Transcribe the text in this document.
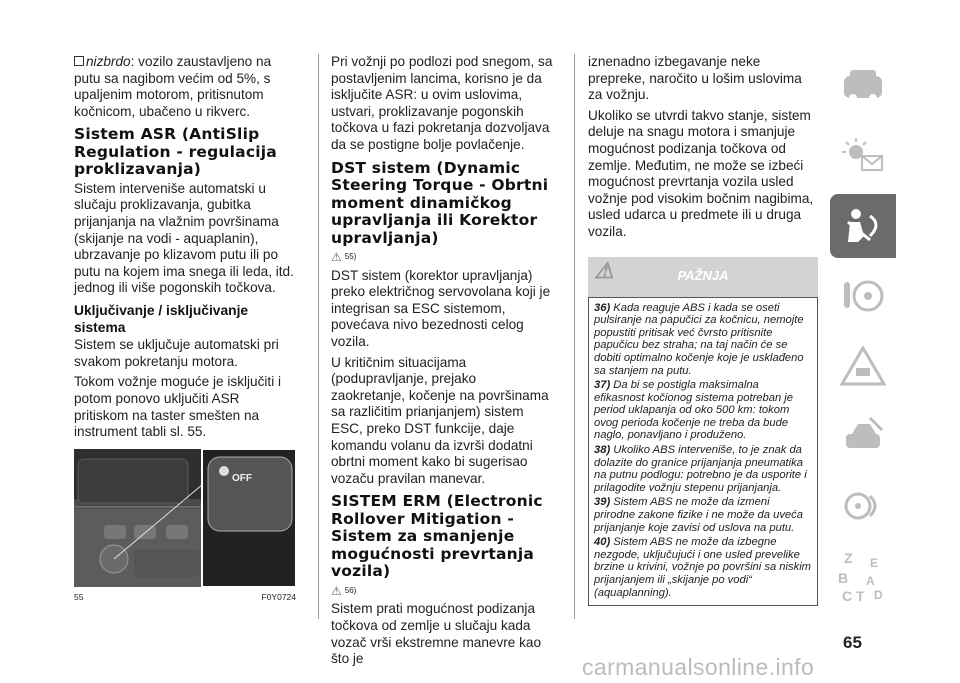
nizbrdo: vozilo zaustavljeno na putu sa nagibom većim od 5%, s upaljenim motorom, pritisnutom kočnicom, ubačeno u rikverc.

Sistem ASR (AntiSlip Regulation - regulacija proklizavanja)

Sistem interveniše automatski u slučaju proklizavanja, gubitka prijanjanja na vlažnim površinama (skijanje na vodi - aquaplanin), ubrzavanje po klizavom putu ili po putu na kojem ima snega ili leda, itd. jednog ili više pogonskih točkova.

Uključivanje / isključivanje sistema

Sistem se uključuje automatski pri svakom pokretanju motora.

Tokom vožnje moguće je isključiti i potom ponovo uključiti ASR pritiskom na taster smešten na instrument tabli sl. 55.

OFF
55	F0Y0724

Pri vožnji po podlozi pod snegom, sa postavljenim lancima, korisno je da isključite ASR: u ovim uslovima, ustvari, proklizavanje pogonskih točkova u fazi pokretanja dozvoljava da se postigne bolje povlačenje.

DST sistem (Dynamic Steering Torque - Obrtni moment dinamičkog upravljanja ili Korektor upravljanja)
⚠ 55)

DST sistem (korektor upravljanja) preko električnog servovolana koji je integrisan sa ESC sistemom, povećava nivo bezednosti celog vozila.

U kritičnim situacijama (podupravljanje, prejako zaokretanje, kočenje na površinama sa različitim prianjanjem) sistem ESC, preko DST funkcije, daje komandu volanu da izvrši dodatni obrtni moment kako bi sugerisao vozaču pravilan manevar.

SISTEM ERM (Electronic Rollover Mitigation - Sistem za smanjenje mogućnosti prevrtanja vozila)
⚠ 56)

Sistem prati mogućnost podizanja točkova od zemlje u slučaju kada vozač vrši ekstremne manevre kao što je

iznenadno izbegavanje neke prepreke, naročito u lošim uslovima za vožnju.

Ukoliko se utvrdi takvo stanje, sistem deluje na snagu motora i smanjuje mogućnost podizanja točkova od zemlje. Međutim, ne može se izbeći mogućnost prevrtanja vozila usled vožnje pod visokim bočnim nagibima, usled udarca u predmete ili u druga vozila.

⚠	PAŽNJA

36) Kada reaguje ABS i kada se oseti pulsiranje na papučici za kočnicu, nemojte popustiti pritisak već čvrsto pritisnite papučicu bez straha; na taj način će se dobiti optimalno kočenje koje je usklađeno sa stanjem na putu.

37) Da bi se postigla maksimalna efikasnost kočionog sistema potreban je period uklapanja od oko 500 km: tokom ovog perioda kočenje ne treba da bude naglo, ponavljano i produženo.

38) Ukoliko ABS interveniše, to je znak da dolazite do granice prijanjanja pneumatika na putnu podlogu: potrebno je da usporite i prilagodite vožnju stepenu prijanjanja.

39) Sistem ABS ne može da izmeni prirodne zakone fizike i ne može da uveća prijanjanje koje zavisi od uslova na putu.

40) Sistem ABS ne može da izbegne nezgode, uključujući i one usled prevelike brzine u krivini, vožnje po površini sa niskim prijanjanjem ili „skijanje po vodi“ (aquaplanning).

Z E
B
C
A
D
T
65
carmanualsonline.info
